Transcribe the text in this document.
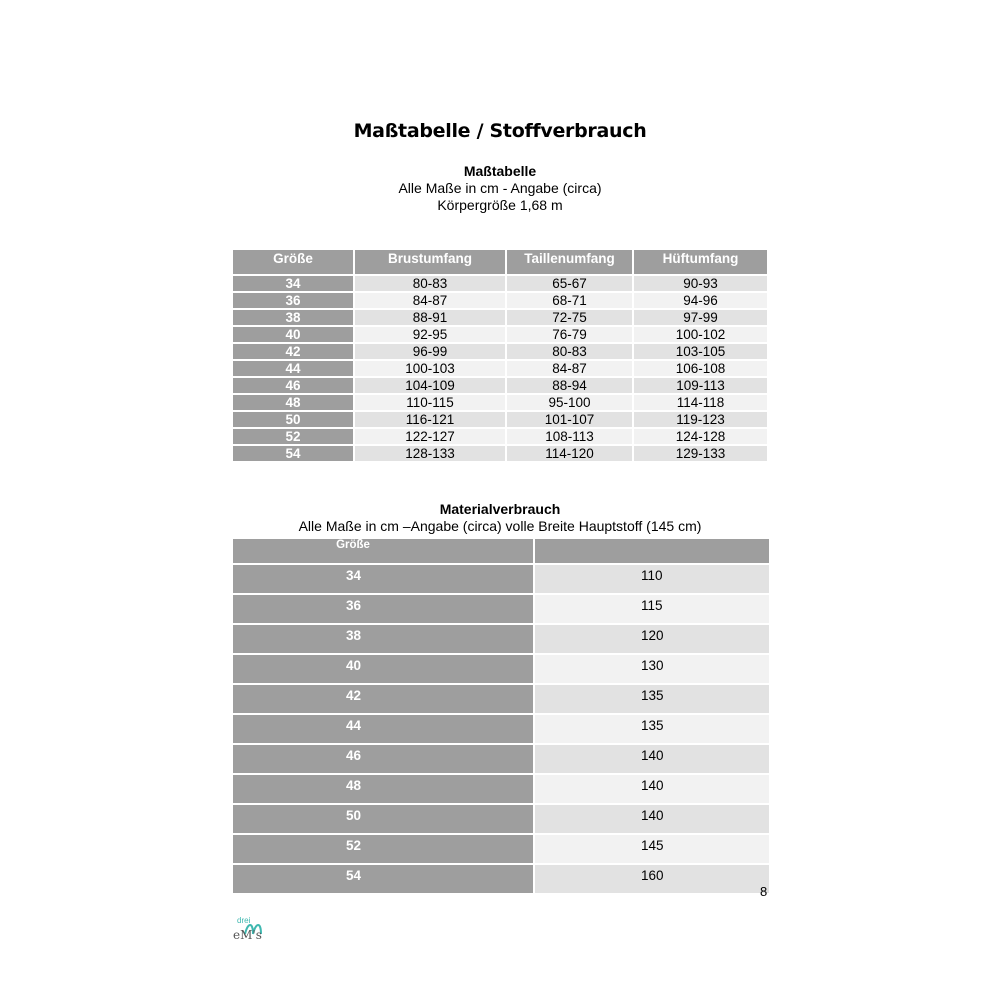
Maßtabelle / Stoffverbrauch
Maßtabelle
Alle Maße in cm - Angabe (circa)
Körpergröße 1,68 m
Größe	Brustumfang	Taillenumfang	Hüftumfang
34	80-83	65-67	90-93
36	84-87	68-71	94-96
38	88-91	72-75	97-99
40	92-95	76-79	100-102
42	96-99	80-83	103-105
44	100-103	84-87	106-108
46	104-109	88-94	109-113
48	110-115	95-100	114-118
50	116-121	101-107	119-123
52	122-127	108-113	124-128
54	128-133	114-120	129-133
Materialverbrauch
Alle Maße in cm –Angabe (circa) volle Breite Hauptstoff (145 cm)
Größe	
34	110
36	115
38	120
40	130
42	135
44	135
46	140
48	140
50	140
52	145
54	160
8
drei
eM's
